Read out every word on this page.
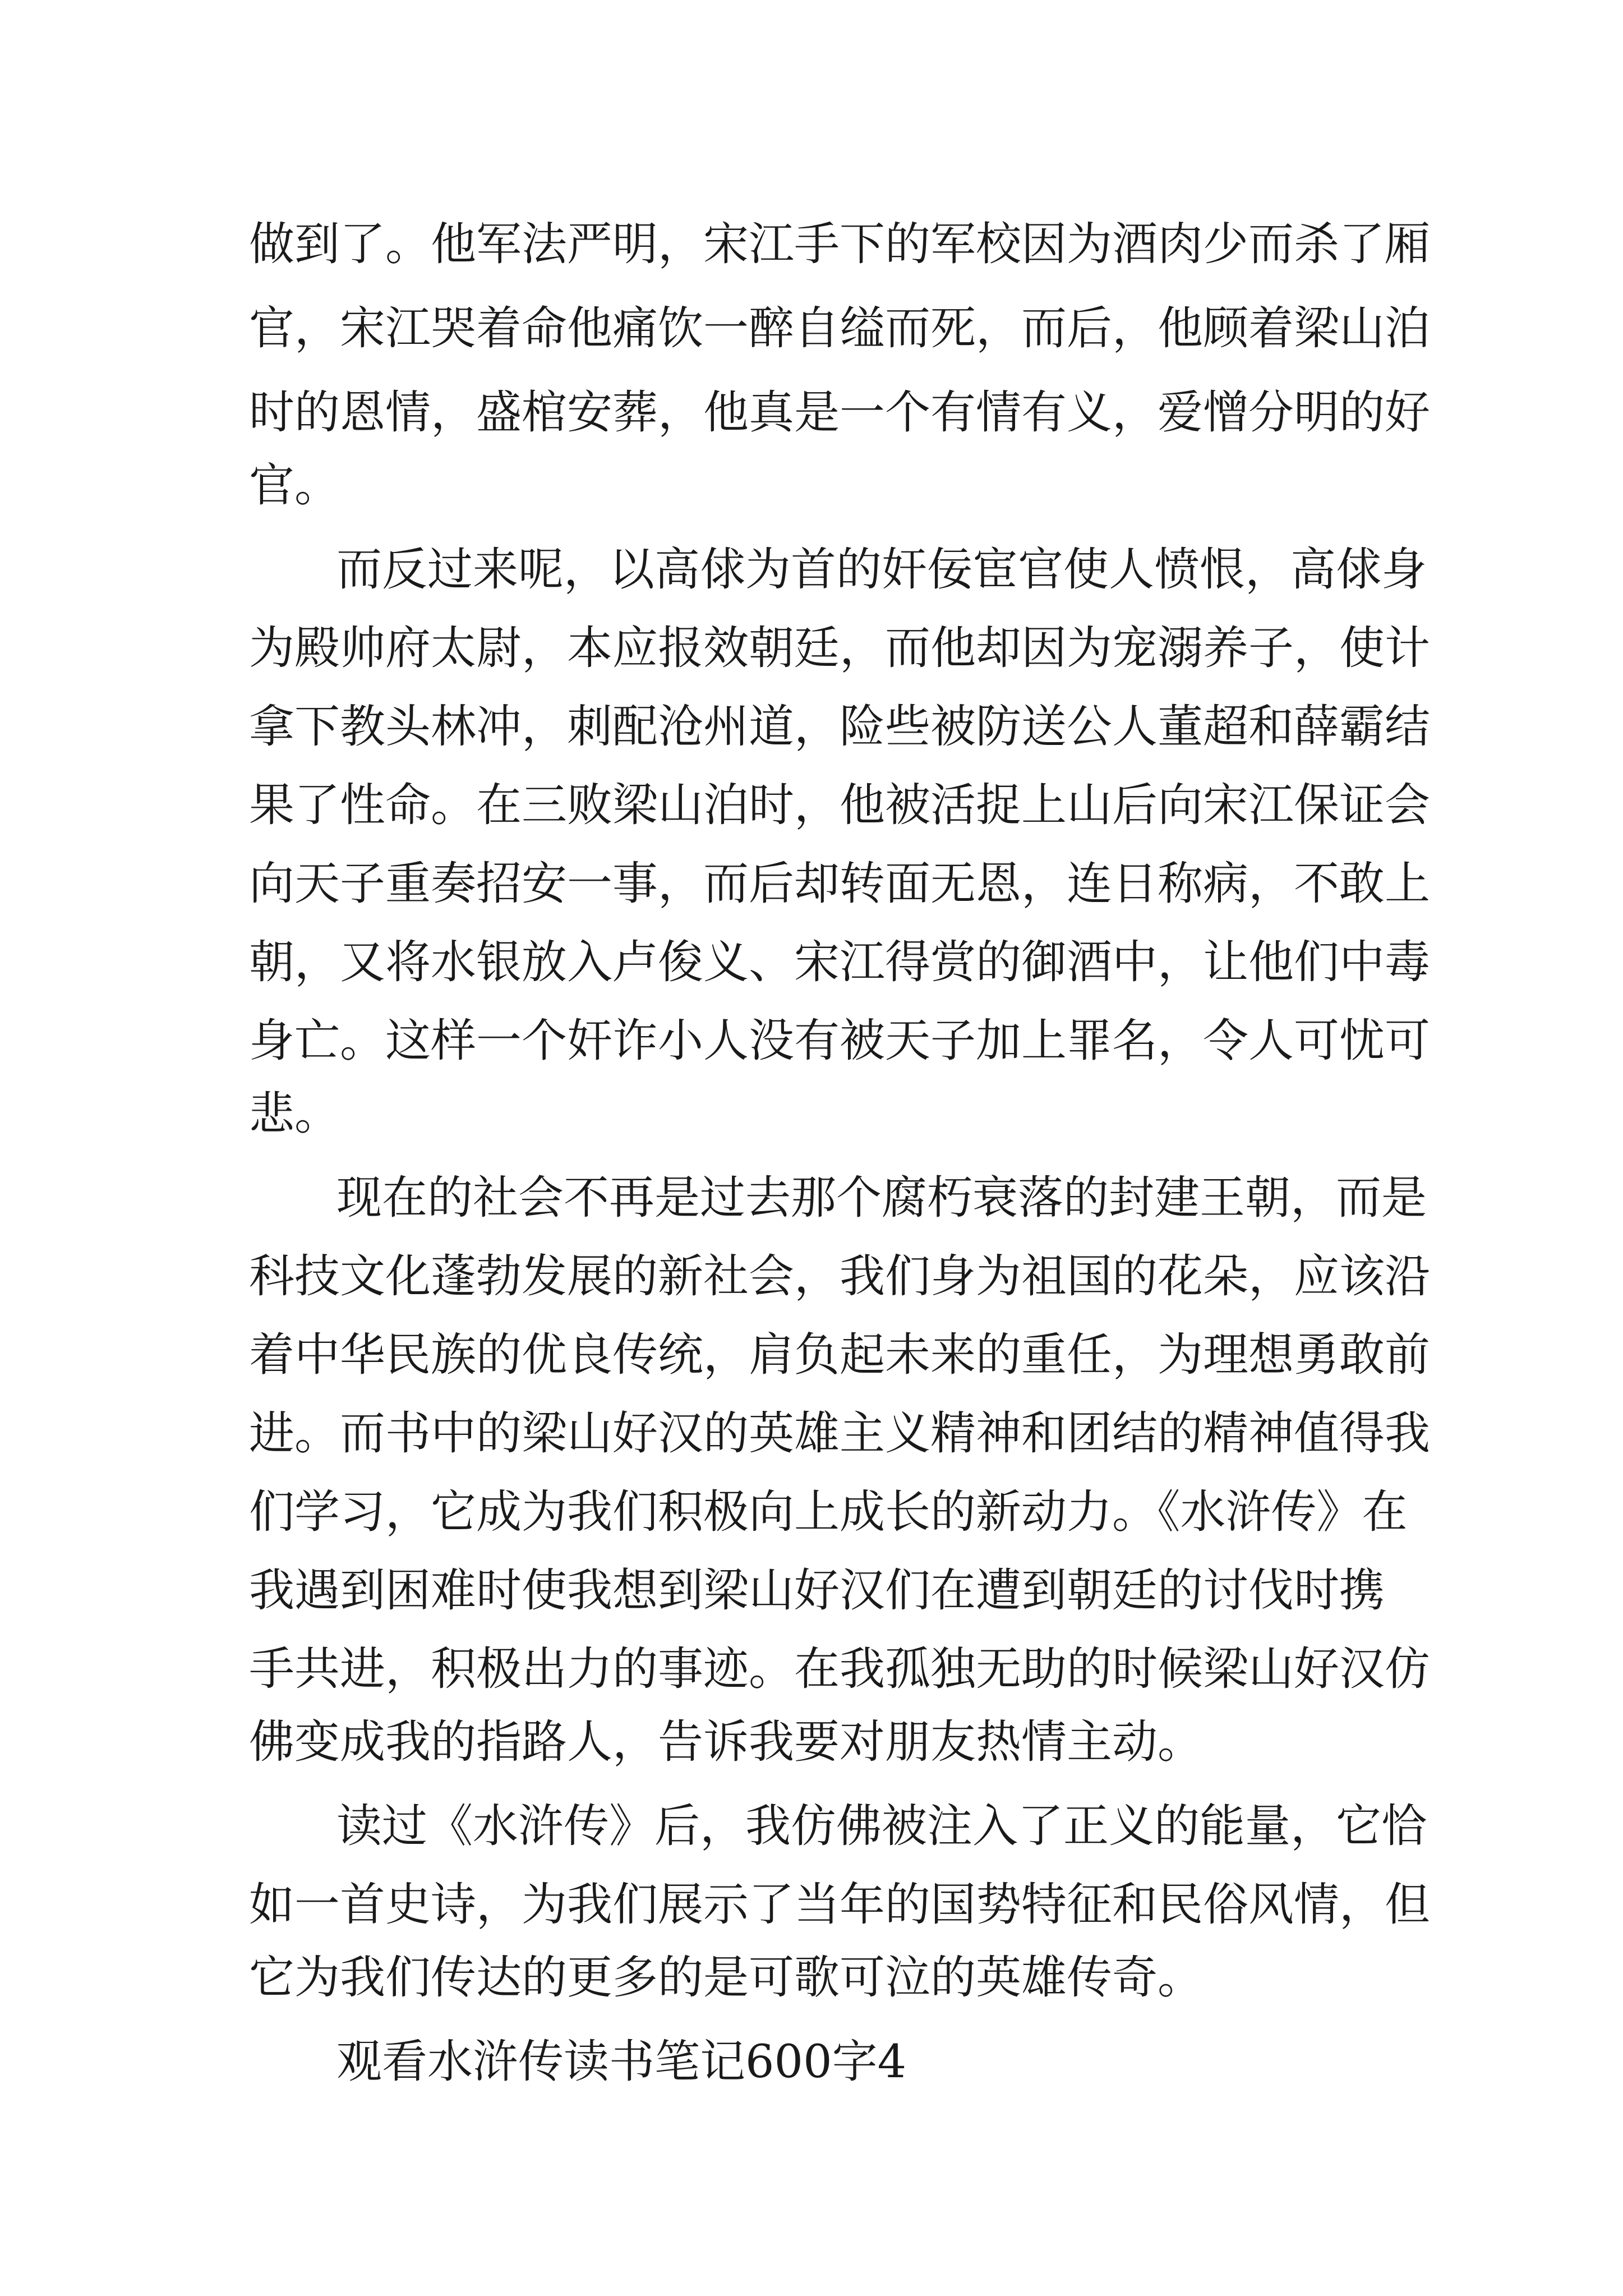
做到了。他军法严明，宋江手下的军校因为酒肉少而杀了厢
官，宋江哭着命他痛饮一醉自缢而死，而后，他顾着梁山泊
时的恩情，盛棺安葬，他真是一个有情有义，爱憎分明的好
官。
而反过来呢，以高俅为首的奸佞宦官使人愤恨，高俅身
为殿帅府太尉，本应报效朝廷，而他却因为宠溺养子，使计
拿下教头林冲，刺配沧州道，险些被防送公人董超和薛霸结
果了性命。在三败梁山泊时，他被活捉上山后向宋江保证会
向天子重奏招安一事，而后却转面无恩，连日称病，不敢上
朝，又将水银放入卢俊义、宋江得赏的御酒中，让他们中毒
身亡。这样一个奸诈小人没有被天子加上罪名，令人可忧可
悲。
现在的社会不再是过去那个腐朽衰落的封建王朝，而是
科技文化蓬勃发展的新社会，我们身为祖国的花朵，应该沿
着中华民族的优良传统，肩负起未来的重任，为理想勇敢前
进。而书中的梁山好汉的英雄主义精神和团结的精神值得我
们学习，它成为我们积极向上成长的新动力。《水浒传》在
我遇到困难时使我想到梁山好汉们在遭到朝廷的讨伐时携
手共进，积极出力的事迹。在我孤独无助的时候梁山好汉仿
佛变成我的指路人，告诉我要对朋友热情主动。
读过《水浒传》后，我仿佛被注入了正义的能量，它恰
如一首史诗，为我们展示了当年的国势特征和民俗风情，但
它为我们传达的更多的是可歌可泣的英雄传奇。
观看水浒传读书笔记600字4
